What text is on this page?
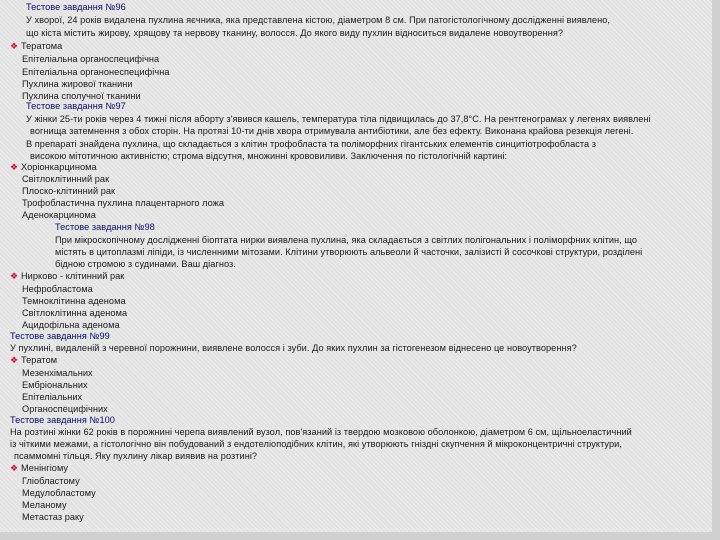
Тестове завдання №96
У хворої, 24 років видалена пухлина яєчника, яка представлена кістою, діаметром 8 см. При патогістологічному дослідженні виявлено,
що кіста містить жирову, хрящову та нервову тканину, волосся. До якого виду пухлин відноситься видалене новоутворення?
❖ Тератома
Епітеліальна органоспецифічна
Епітеліальна органонеспецифічна
Пухлина жирової тканини
Пухлина сполучної тканини
Тестове завдання №97
У жінки 25-ти років через 4 тижні після аборту з'явився кашель, температура тіла підвищилась до 37,8°С. На рентгенограмах у легенях виявлені
вогнища затемнення з обох сторін. На протязі 10-ти днів хвора отримувала антибіотики, але без ефекту. Виконана крайова резекція легені.
В препараті знайдена пухлина, що складається з клітин трофобласта та поліморфних гігантських елементів синцитіотрофобласта з
високою мітотичною активністю; строма відсутня, множинні крововиливи. Заключення по гістологічній картині:
❖ Хоріонкарцинома
Світлоклітинний рак
Плоско-клітинний рак
Трофобластична пухлина плацентарного ложа
Аденокарцинома
Тестове завдання №98
При мікроскопічному дослідженні біоптата нирки виявлена пухлина, яка складається з світлих полігональних і поліморфних клітин, що
містять в цитоплазмі ліпіди, із численними мітозами. Клітини утворюють альвеоли й часточки, залізисті й сосочкові структури, розділені
бідною стромою з судинами. Ваш діагноз.
❖ Нирково - клітинний рак
Нефробластома
Темноклітинна аденома
Світлоклітинна аденома
Ацидофільна аденома
Тестове завдання №99
У пухлині, видаленій з черевної порожнини, виявлене волосся і зуби. До яких пухлин за гістогенезом віднесено це новоутворення?
❖ Тератом
Мезенхімальних
Ембріональних
Епітеліальних
Органоспецифічних
Тестове завдання №100
На розтині жінки 62 років в порожнині черепа виявлений вузол, пов'язаний із твердою мозковою оболонкою, діаметром 6 см, щільноеластичний
із чіткими межами, а гістологічно він побудований з ендотеліоподібних клітин, які утворюють гніздні скупчення й мікроконцентричні структури,
псаммомні тільця. Яку пухлину лікар виявив на розтині?
❖ Менінгіому
Гліобластому
Медулобластому
Меланому
Метастаз раку
